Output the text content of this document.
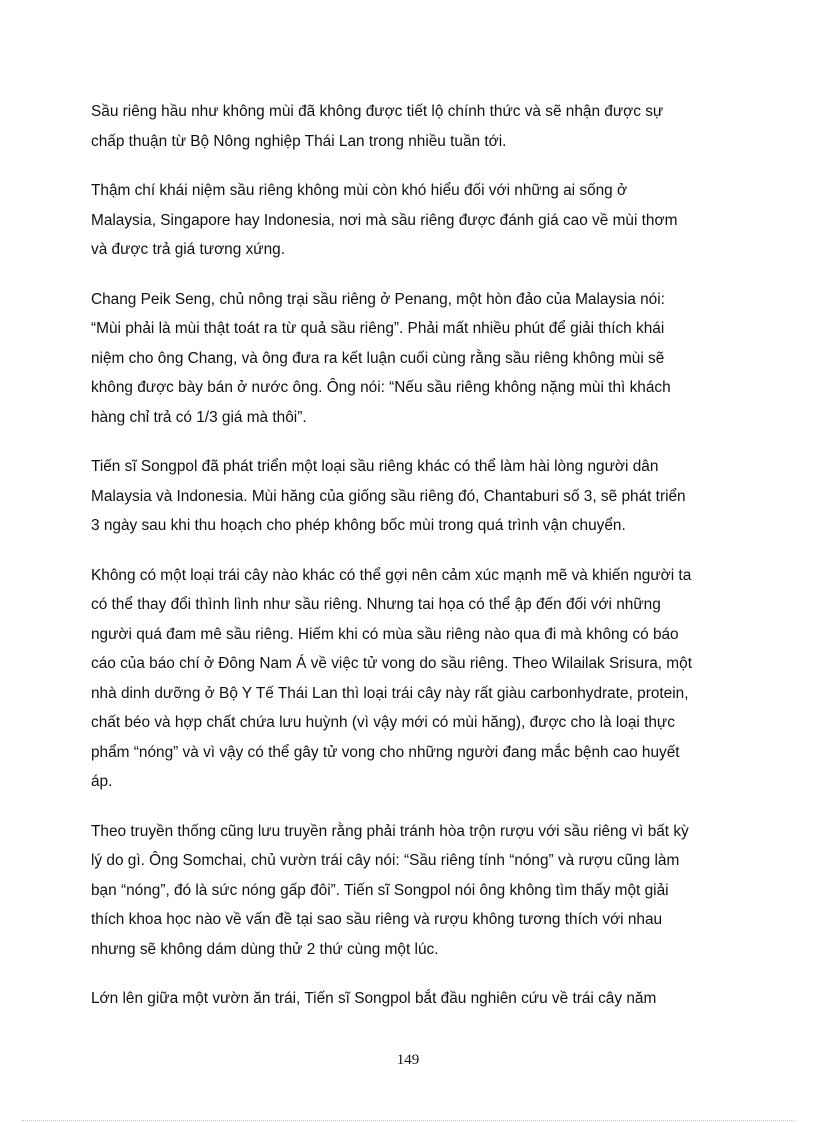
Sầu riêng hầu như không mùi đã không được tiết lộ chính thức và sẽ nhận được sự
chấp thuận từ Bộ Nông nghiệp Thái Lan trong nhiều tuần tới.

Thậm chí khái niệm sầu riêng không mùi còn khó hiểu đối với những ai sống ở
Malaysia, Singapore hay Indonesia, nơi mà sầu riêng được đánh giá cao về mùi thơm
và được trả giá tương xứng.

Chang Peik Seng, chủ nông trại sầu riêng ở Penang, một hòn đảo của Malaysia nói:
“Mùi phải là mùi thật toát ra từ quả sầu riêng”. Phải mất nhiều phút để giải thích khái
niệm cho ông Chang, và ông đưa ra kết luận cuối cùng rằng sầu riêng không mùi sẽ
không được bày bán ở nước ông. Ông nói: “Nếu sầu riêng không nặng mùi thì khách
hàng chỉ trả có 1/3 giá mà thôi”.

Tiến sĩ Songpol đã phát triển một loại sầu riêng khác có thể làm hài lòng người dân
Malaysia và Indonesia. Mùi hăng của giống sầu riêng đó, Chantaburi số 3, sẽ phát triển
3 ngày sau khi thu hoạch cho phép không bốc mùi trong quá trình vận chuyển.

Không có một loại trái cây nào khác có thể gợi nên cảm xúc mạnh mẽ và khiến người ta
có thể thay đổi thình lình như sầu riêng. Nhưng tai họa có thể ập đến đối với những
người quá đam mê sầu riêng. Hiếm khi có mùa sầu riêng nào qua đi mà không có báo
cáo của báo chí ở Đông Nam Á về việc tử vong do sầu riêng. Theo Wilailak Srisura, một
nhà dinh dưỡng ở Bộ Y Tế Thái Lan thì loại trái cây này rất giàu carbonhydrate, protein,
chất béo và hợp chất chứa lưu huỳnh (vì vậy mới có mùi hăng), được cho là loại thực
phẩm “nóng” và vì vậy có thể gây tử vong cho những người đang mắc bệnh cao huyết
áp.

Theo truyền thống cũng lưu truyền rằng phải tránh hòa trộn rượu với sầu riêng vì bất kỳ
lý do gì. Ông Somchai, chủ vườn trái cây nói: “Sầu riêng tính “nóng” và rượu cũng làm
bạn “nóng”, đó là sức nóng gấp đôi”. Tiến sĩ Songpol nói ông không tìm thấy một giải
thích khoa học nào về vấn đề tại sao sầu riêng và rượu không tương thích với nhau
nhưng sẽ không dám dùng thử 2 thứ cùng một lúc.

Lớn lên giữa một vườn ăn trái, Tiến sĩ Songpol bắt đầu nghiên cứu về trái cây năm

149
